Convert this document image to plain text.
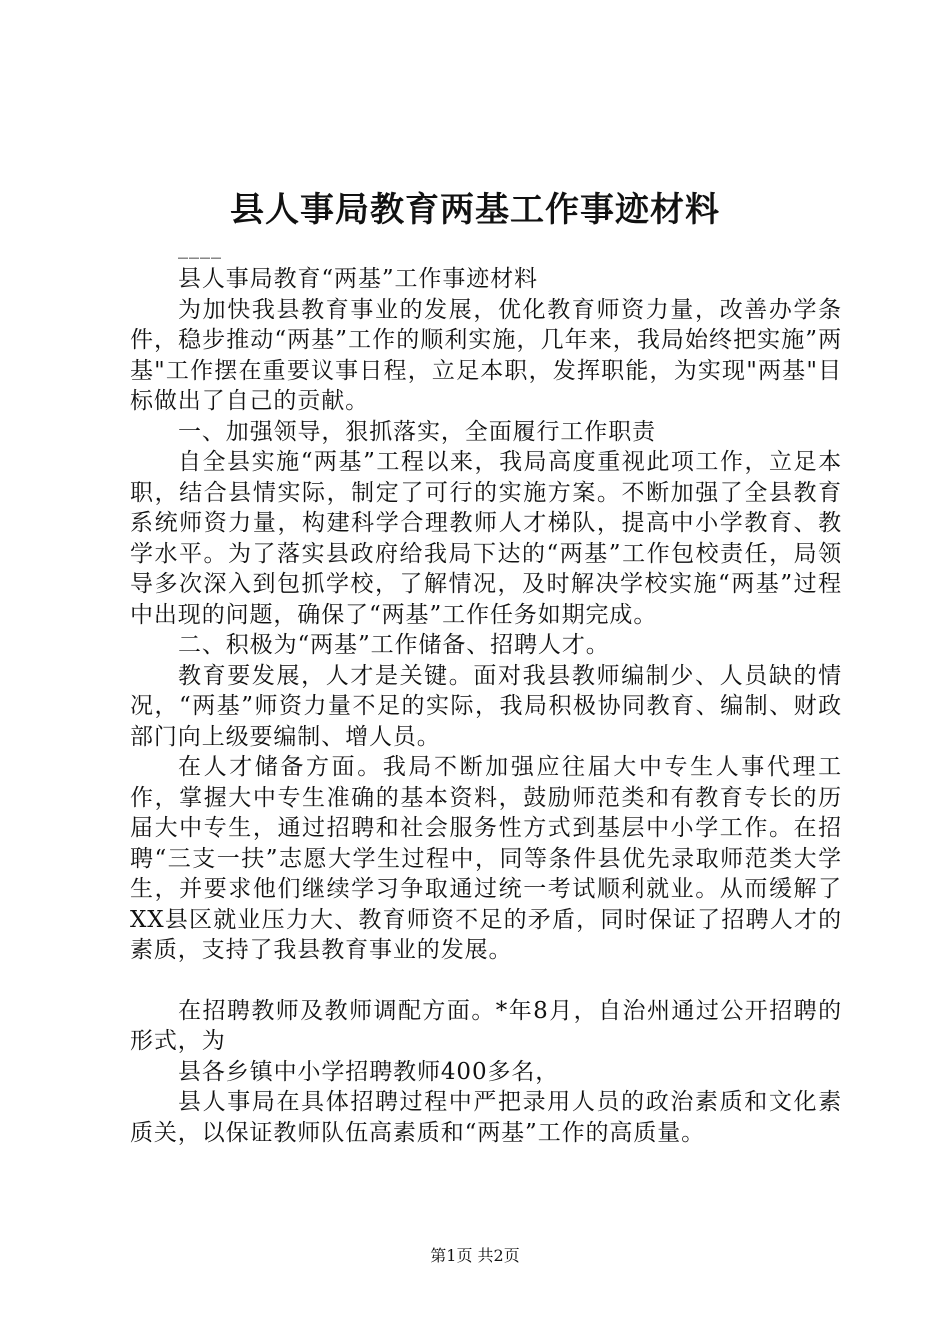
县人事局教育两基工作事迹材料
____

县人事局教育“两基”工作事迹材料

为加快我县教育事业的发展，优化教育师资力量，改善办学条件，稳步推动“两基”工作的顺利实施，几年来，我局始终把实施”两基"工作摆在重要议事日程，立足本职，发挥职能，为实现"两基"目标做出了自己的贡献。

一、加强领导，狠抓落实，全面履行工作职责

自全县实施“两基”工程以来，我局高度重视此项工作，立足本职，结合县情实际，制定了可行的实施方案。不断加强了全县教育系统师资力量，构建科学合理教师人才梯队，提高中小学教育、教学水平。为了落实县政府给我局下达的“两基”工作包校责任，局领导多次深入到包抓学校，了解情况，及时解决学校实施“两基”过程中出现的问题，确保了“两基”工作任务如期完成。

二、积极为“两基”工作储备、招聘人才。

教育要发展，人才是关键。面对我县教师编制少、人员缺的情况，“两基”师资力量不足的实际，我局积极协同教育、编制、财政部门向上级要编制、增人员。

在人才储备方面。我局不断加强应往届大中专生人事代理工作，掌握大中专生准确的基本资料，鼓励师范类和有教育专长的历届大中专生，通过招聘和社会服务性方式到基层中小学工作。在招聘“三支一扶”志愿大学生过程中，同等条件县优先录取师范类大学生，并要求他们继续学习争取通过统一考试顺利就业。从而缓解了XX县区就业压力大、教育师资不足的矛盾，同时保证了招聘人才的素质，支持了我县教育事业的发展。

在招聘教师及教师调配方面。*年8月，自治州通过公开招聘的形式，为

县各乡镇中小学招聘教师400多名，

县人事局在具体招聘过程中严把录用人员的政治素质和文化素质关，以保证教师队伍高素质和“两基”工作的高质量。

第1页 共2页
